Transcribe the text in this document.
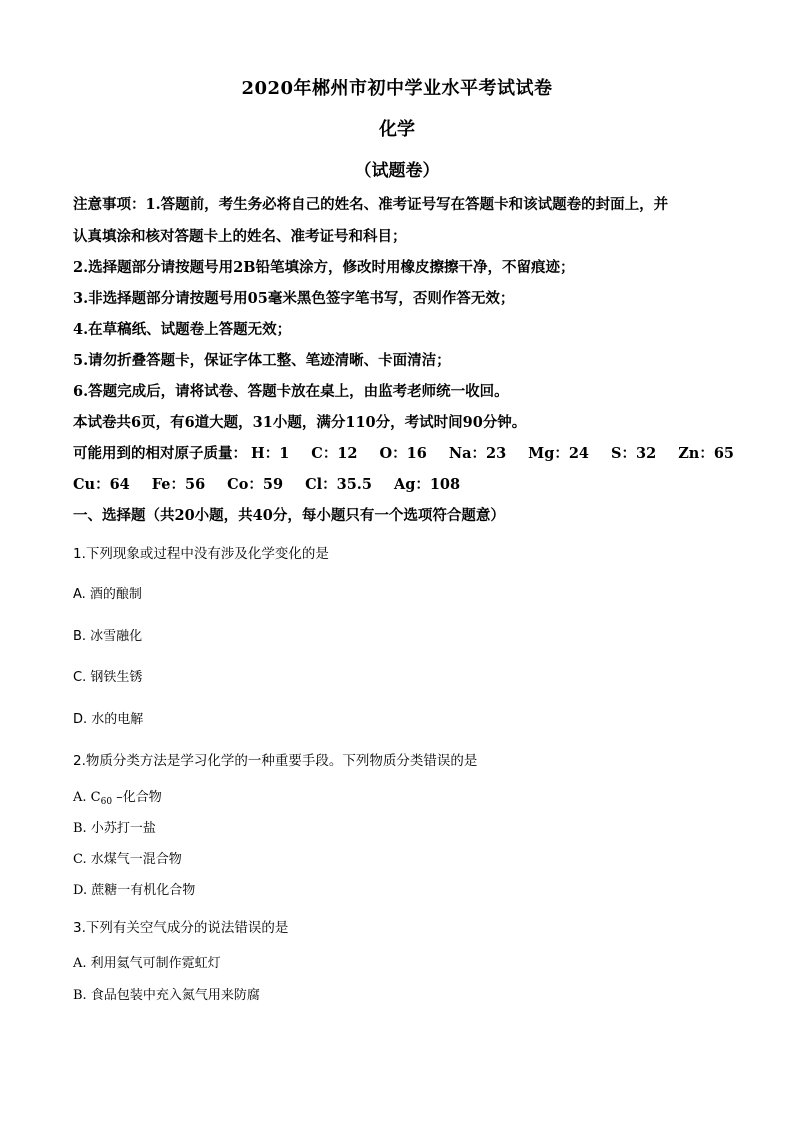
2020年郴州市初中学业水平考试试卷
化学
（试题卷）
注意事项：1.答题前，考生务必将自己的姓名、准考证号写在答题卡和该试题卷的封面上，并
认真填涂和核对答题卡上的姓名、准考证号和科目；
2.选择题部分请按题号用2B铅笔填涂方，修改时用橡皮擦擦干净，不留痕迹；
3.非选择题部分请按题号用05毫米黑色签字笔书写，否则作答无效；
4.在草稿纸、试题卷上答题无效；
5.请勿折叠答题卡，保证字体工整、笔迹清晰、卡面清洁；
6.答题完成后，请将试卷、答题卡放在桌上，由监考老师统一收回。
本试卷共6页，有6道大题，31小题，满分110分，考试时间90分钟。
可能用到的相对原子质量： H：1 C：12 O：16 Na：23 Mg：24 S：32 Zn：65
Cu：64 Fe：56 Co：59 Cl：35.5 Ag：108
一、选择题（共20小题，共40分，每小题只有一个选项符合题意）
1.下列现象或过程中没有涉及化学变化的是
A. 酒的酿制
B. 冰雪融化
C. 钢铁生锈
D. 水的电解
2.物质分类方法是学习化学的一种重要手段。下列物质分类错误的是
A. $C_{60}$ –化合物
B. 小苏打一盐
C. 水煤气一混合物
D. 蔗糖一有机化合物
3.下列有关空气成分的说法错误的是
A. 利用氦气可制作霓虹灯
B. 食品包装中充入氮气用来防腐
